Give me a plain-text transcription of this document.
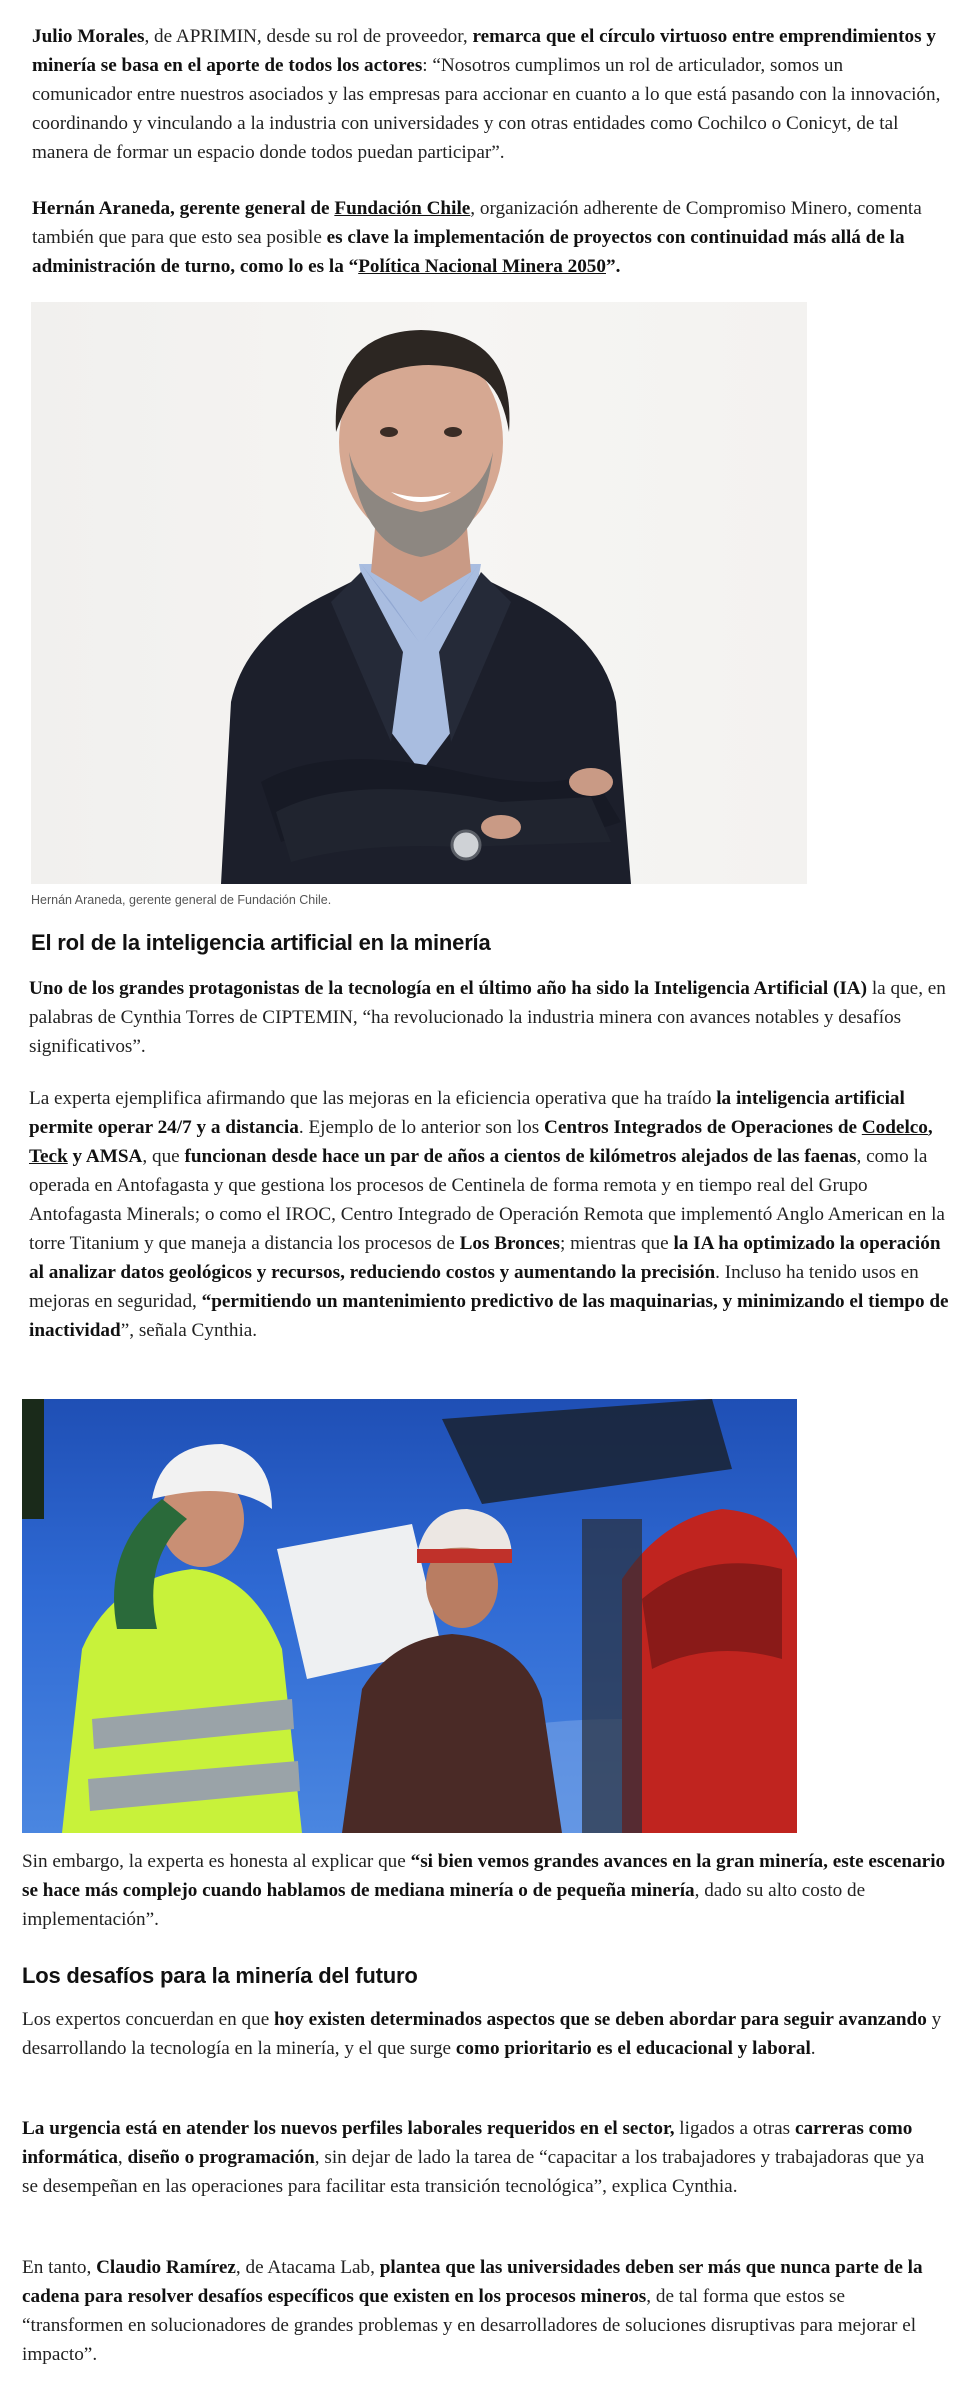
Julio Morales, de APRIMIN, desde su rol de proveedor, remarca que el círculo virtuoso entre emprendimientos y minería se basa en el aporte de todos los actores: “Nosotros cumplimos un rol de articulador, somos un comunicador entre nuestros asociados y las empresas para accionar en cuanto a lo que está pasando con la innovación, coordinando y vinculando a la industria con universidades y con otras entidades como Cochilco o Conicyt, de tal manera de formar un espacio donde todos puedan participar”.

Hernán Araneda, gerente general de Fundación Chile, organización adherente de Compromiso Minero, comenta también que para que esto sea posible es clave la implementación de proyectos con continuidad más allá de la administración de turno, como lo es la “Política Nacional Minera 2050”.

Hernán Araneda, gerente general de Fundación Chile.
El rol de la inteligencia artificial en la minería

Uno de los grandes protagonistas de la tecnología en el último año ha sido la Inteligencia Artificial (IA) la que, en palabras de Cynthia Torres de CIPTEMIN, “ha revolucionado la industria minera con avances notables y desafíos significativos”.

La experta ejemplifica afirmando que las mejoras en la eficiencia operativa que ha traído la inteligencia artificial permite operar 24/7 y a distancia. Ejemplo de lo anterior son los Centros Integrados de Operaciones de Codelco, Teck y AMSA, que funcionan desde hace un par de años a cientos de kilómetros alejados de las faenas, como la operada en Antofagasta y que gestiona los procesos de Centinela de forma remota y en tiempo real del Grupo Antofagasta Minerals; o como el IROC, Centro Integrado de Operación Remota que implementó Anglo American en la torre Titanium y que maneja a distancia los procesos de Los Bronces; mientras que la IA ha optimizado la operación al analizar datos geológicos y recursos, reduciendo costos y aumentando la precisión. Incluso ha tenido usos en mejoras en seguridad, “permitiendo un mantenimiento predictivo de las maquinarias, y minimizando el tiempo de inactividad”, señala Cynthia.

Sin embargo, la experta es honesta al explicar que “si bien vemos grandes avances en la gran minería, este escenario se hace más complejo cuando hablamos de mediana minería o de pequeña minería, dado su alto costo de implementación”.

Los desafíos para la minería del futuro

Los expertos concuerdan en que hoy existen determinados aspectos que se deben abordar para seguir avanzando y desarrollando la tecnología en la minería, y el que surge como prioritario es el educacional y laboral.

La urgencia está en atender los nuevos perfiles laborales requeridos en el sector, ligados a otras carreras como informática, diseño o programación, sin dejar de lado la tarea de “capacitar a los trabajadores y trabajadoras que ya se desempeñan en las operaciones para facilitar esta transición tecnológica”, explica Cynthia.

En tanto, Claudio Ramírez, de Atacama Lab, plantea que las universidades deben ser más que nunca parte de la cadena para resolver desafíos específicos que existen en los procesos mineros, de tal forma que estos se “transformen en solucionadores de grandes problemas y en desarrolladores de soluciones disruptivas para mejorar el impacto”.
